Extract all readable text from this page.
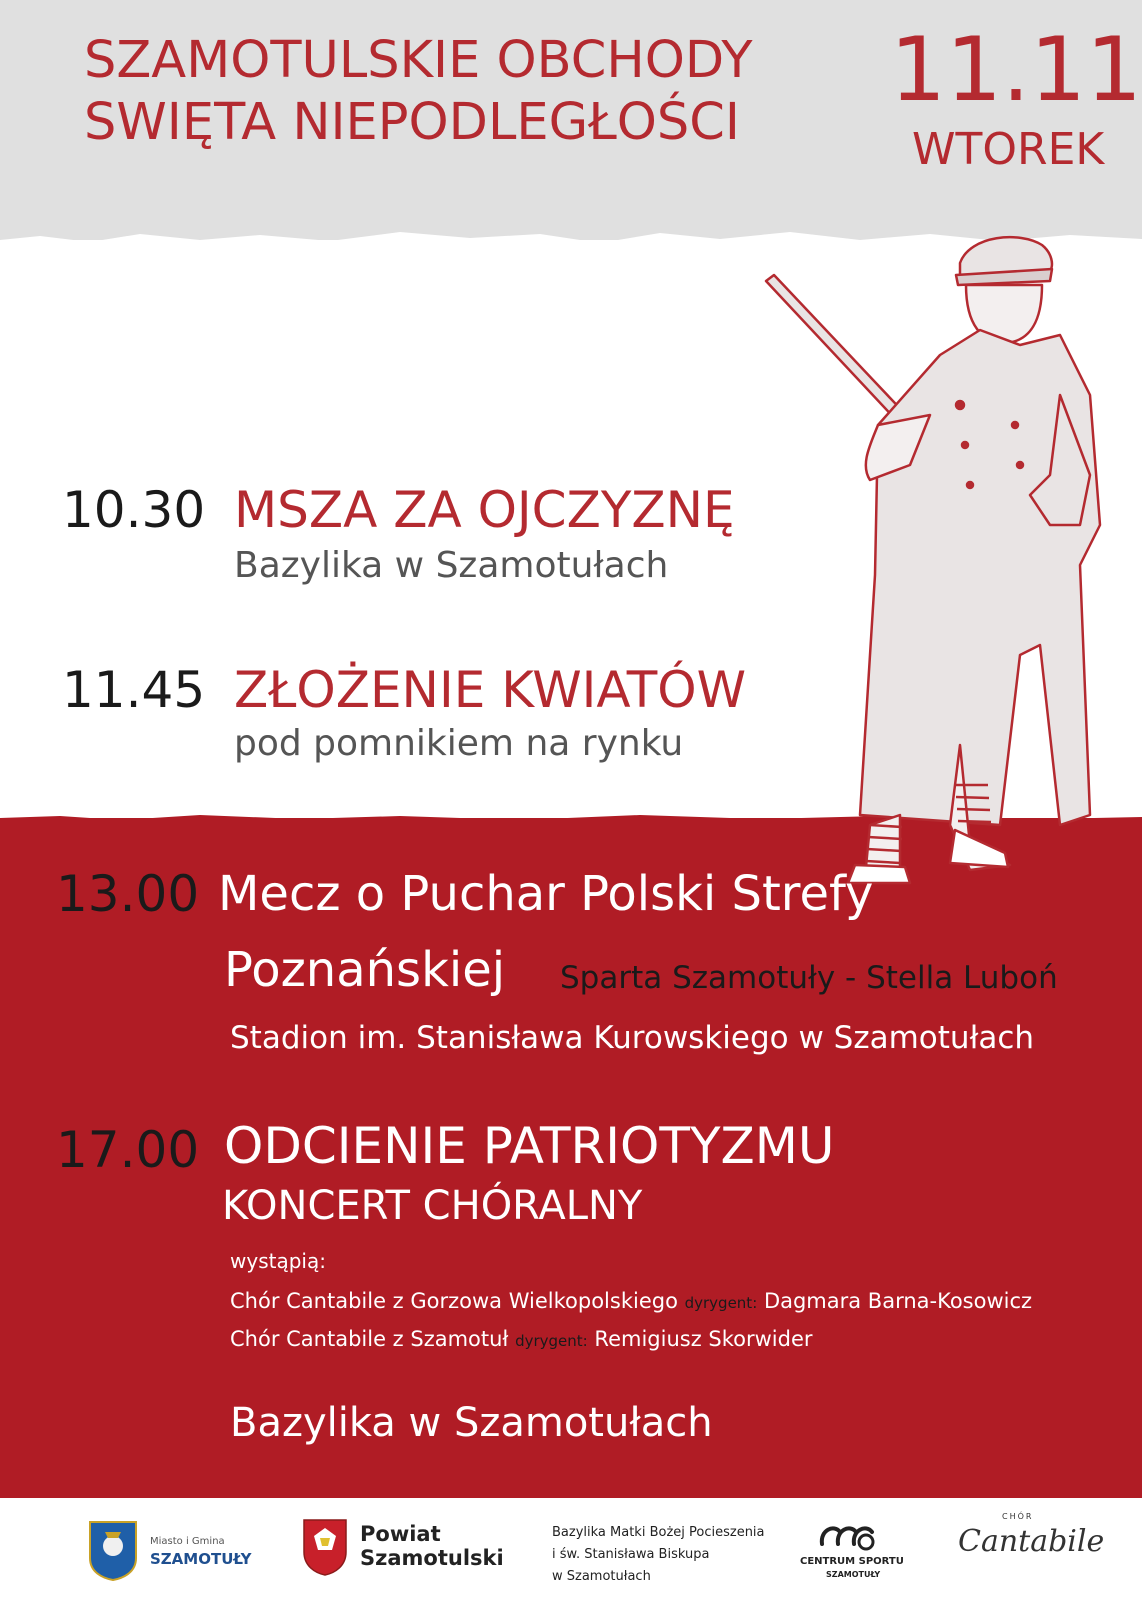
SZAMOTULSKIE OBCHODY
SWIĘTA NIEPODLEGŁOŚCI
11.11
WTOREK
10.30 MSZA ZA OJCZYZNĘ
Bazylika w Szamotułach
11.45 ZŁOŻENIE KWIATÓW
pod pomnikiem na rynku
13.00 Mecz o Puchar Polski Strefy
Poznańskiej Sparta Szamotuły - Stella Luboń
Stadion im. Stanisława Kurowskiego w Szamotułach
17.00 ODCIENIE PATRIOTYZMU
KONCERT CHÓRALNY
wystąpią:
Chór Cantabile z Gorzowa Wielkopolskiego dyrygent: Dagmara Barna-Kosowicz
Chór Cantabile z Szamotuł dyrygent: Remigiusz Skorwider
Bazylika w Szamotułach
Miasto i Gmina
SZAMOTUŁY
Powiat
Szamotulski
Bazylika Matki Bożej Pocieszenia
i św. Stanisława Biskupa
w Szamotułach
CENTRUM SPORTU
SZAMOTUŁY
CHÓR
Cantabile
